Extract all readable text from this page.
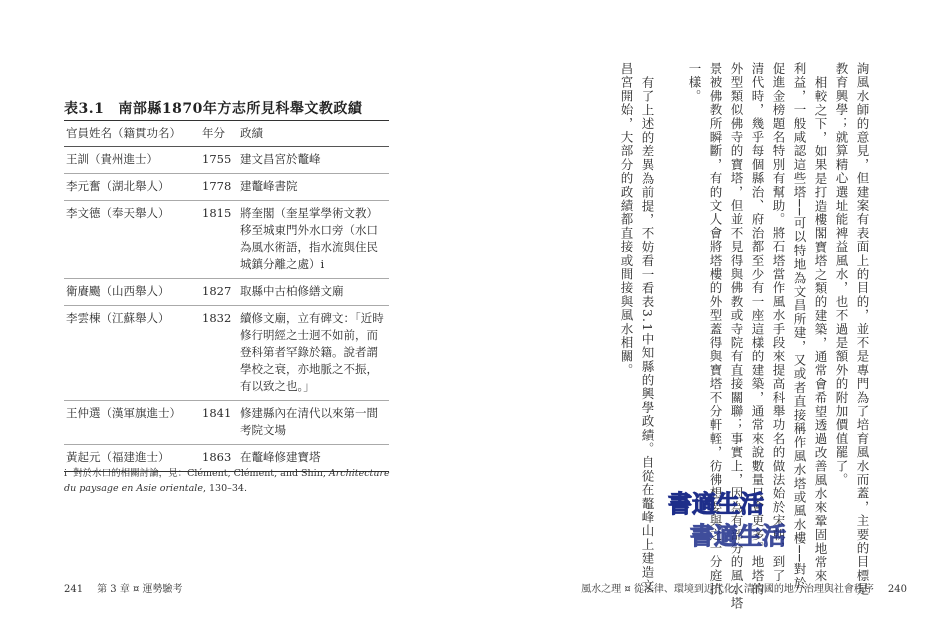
表3.1 南部縣1870年方志所見科舉文教政績
官員姓名（籍貫功名）	年分	政績
王訓（貴州進士）	1755 建文昌宮於鼇峰
李元奮（湖北舉人）	1778 建鼇峰書院
李文德（奉天舉人）	1815 將奎閣（奎星掌學術文教）移至城東門外水口旁（水口為風水術語，指水流與住民城鎮分離之處）i
衛賡颺（山西舉人）	1827 取縣中古柏修繕文廟
李雲棟（江蘇舉人）	1832 續修文廟，立有碑文：「近時修行明經之士迥不如前，而登科第者罕錄於籍。說者謂學校之衰，亦地脈之不振，有以致之也。」
王仲選（漢軍旗進士）	1841 修建縣內在清代以來第一間考院文場
黃起元（福建進士）	1863 在鼇峰修建寶塔
i 對於水口的相關討論，見：Clément, Clément, and Shin, Architecture du paysage en Asie orientale, 130–34.
241 第 3 章 ¤ 運勢驗考	詢風水師的意見，但建案有表面上的目的，並不是專門為了培育風水而蓋，主要的目標是
教育興學；就算精心選址能裨益風水，也不過是額外的附加價值罷了。
相較之下，如果是打造樓閣寶塔之類的建築，通常會希望透過改善風水來鞏固地常來
利益，一般咸認這些塔──可以特地為文昌所建，又或者直接稱作風水塔或風水樓──對於
促進金榜題名特別有幫助。將石塔當作風水手段來提高科舉功名的做法始於宋朝，到了
清代時，幾乎每個縣治、府治都至少有一座這樣的建築，通常來說數量只會更多。地塔的
外型類似佛寺的寶塔，但並不見得與佛教或寺院有直接關聯；事實上，因為有部分的風水塔
景被佛教所瞬斷，有的文人會將塔樓的外型蓋得與寶塔不分軒輊，彷彿想要與之一分庭抗
一樣。
有了上述的差異為前提，不妨看一看表3.1中知縣的興學政績。自從在鼇峰山上建造文
昌宮開始，大部分的政績都直接或間接與風水相關。
風水之理 ¤ 從法律、環境到近代化，清帝國的地方治理與社會秩序 240
書適生活
書適生活
